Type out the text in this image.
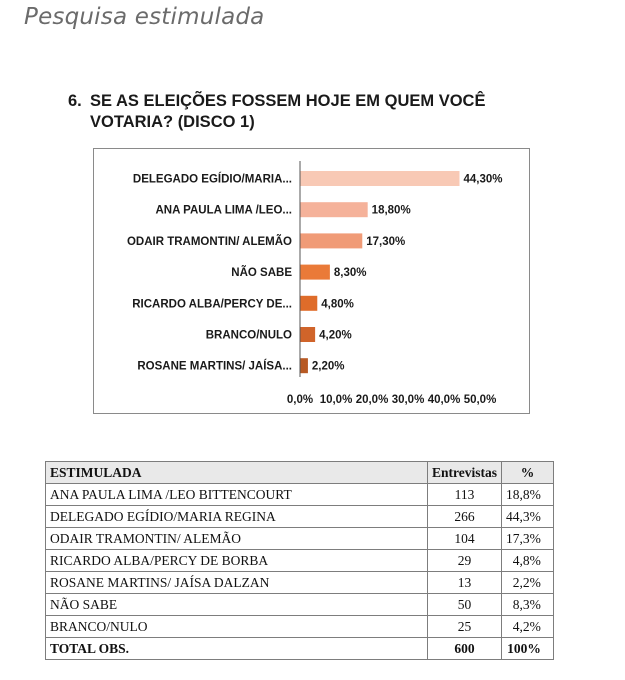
Pesquisa estimulada
6. SE AS ELEIÇÕES FOSSEM HOJE EM QUEM VOCÊ
VOTARIA? (DISCO 1)
DELEGADO EGÍDIO/MARIA...	44,30%
ANA PAULA LIMA /LEO...	18,80%
ODAIR TRAMONTIN/ ALEMÃO	17,30%
NÃO SABE	8,30%
RICARDO ALBA/PERCY DE...	4,80%
BRANCO/NULO 4,20%
ROSANE MARTINS/ JAÍSA... 2,20%
0,0% 10,0% 20,0% 30,0% 40,0% 50,0%
ESTIMULADA	Entrevistas	%
ANA PAULA LIMA /LEO BITTENCOURT	113	18,8%
DELEGADO EGÍDIO/MARIA REGINA	266	44,3%
ODAIR TRAMONTIN/ ALEMÃO	104	17,3%
RICARDO ALBA/PERCY DE BORBA	29	4,8%
ROSANE MARTINS/ JAÍSA DALZAN	13	2,2%
NÃO SABE	50	8,3%
BRANCO/NULO	25	4,2%
TOTAL OBS.	600	100%
